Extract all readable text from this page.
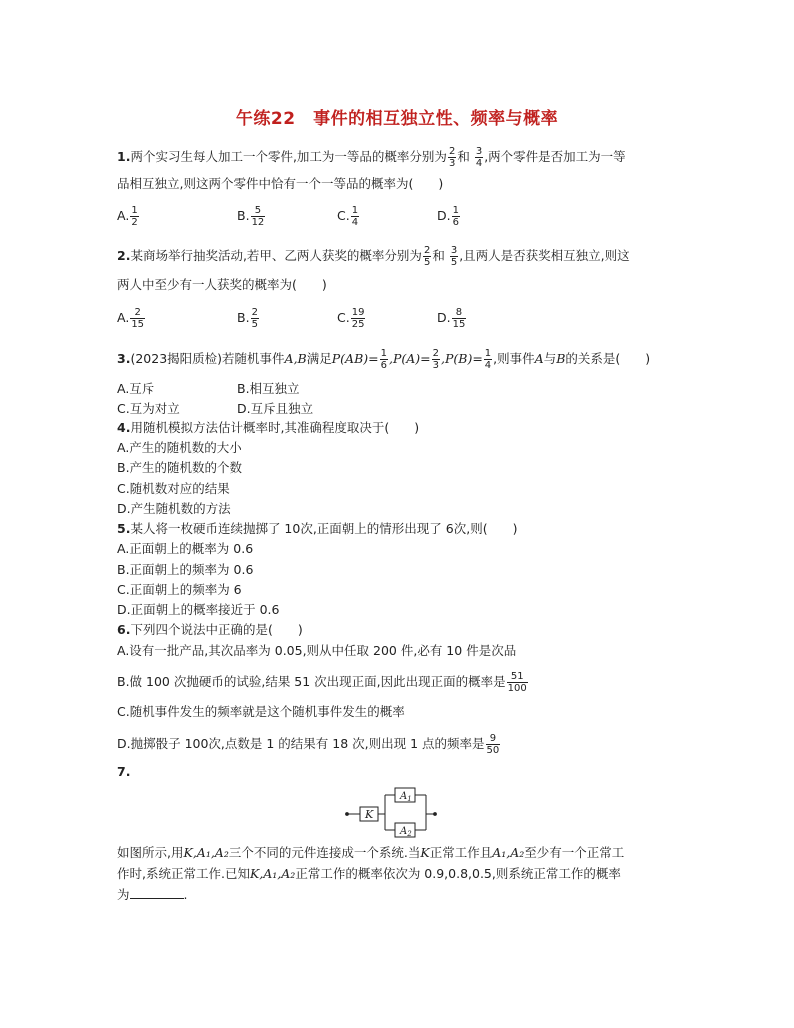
午练22　 事件的相互独立性、频率与概率
1.两个实习生每人加工一个零件,加工为一等品的概率分别为 $\frac{2}{3}$ 和 $\frac{3}{4}$ ,两个零件是否加工为一等
品相互独立,则这两个零件中恰有一个一等品的概率为(　　)
A. $\frac{1}{2}$	B. $\frac{5}{12}$	C. $\frac{1}{4}$	D. $\frac{1}{6}$
2.某商场举行抽奖活动,若甲、乙两人获奖的概率分别为 $\frac{2}{5}$ 和 $\frac{3}{5}$ ,且两人是否获奖相互独立,则这
两人中至少有一人获奖的概率为(　　)
A. $\frac{2}{15}$	B. $\frac{2}{5}$	C. $\frac{19}{25}$	D. $\frac{8}{15}$
3.(2023揭阳质检)若随机事件A,B满足$P(AB)= \frac{1}{6} ,P(A)= \frac{2}{3} ,P(B)= \frac{1}{4}$ ,则事件A与B的关系是(　　)
A.互斥	B.相互独立
C.互为对立	D.互斥且独立
4.用随机模拟方法估计概率时,其准确程度取决于(　　)
A.产生的随机数的大小
B.产生的随机数的个数
C.随机数对应的结果
D.产生随机数的方法
5.某人将一枚硬币连续抛掷了 10次,正面朝上的情形出现了 6次,则(　　)
A.正面朝上的概率为 0.6
B.正面朝上的频率为 0.6
C.正面朝上的频率为 6
D.正面朝上的概率接近于 0.6
6.下列四个说法中正确的是(　　)
A.设有一批产品,其次品率为 0.05,则从中任取 200 件,必有 10 件是次品
B.做 100 次抛硬币的试验,结果 51 次出现正面,因此出现正面的概率是 $\frac{51}{100}$
C.随机事件发生的频率就是这个随机事件发生的概率
D.抛掷骰子 100次,点数是 1 的结果有 18 次,则出现 1 点的频率是 $\frac{9}{50}$
7.
K
$A_1$
$A_2$
如图所示,用K,A₁,A₂三个不同的元件连接成一个系统.当K正常工作且A₁,A₂至少有一个正常工
作时,系统正常工作.已知K,A₁,A₂正常工作的概率依次为 0.9,0.8,0.5,则系统正常工作的概率
为	.
